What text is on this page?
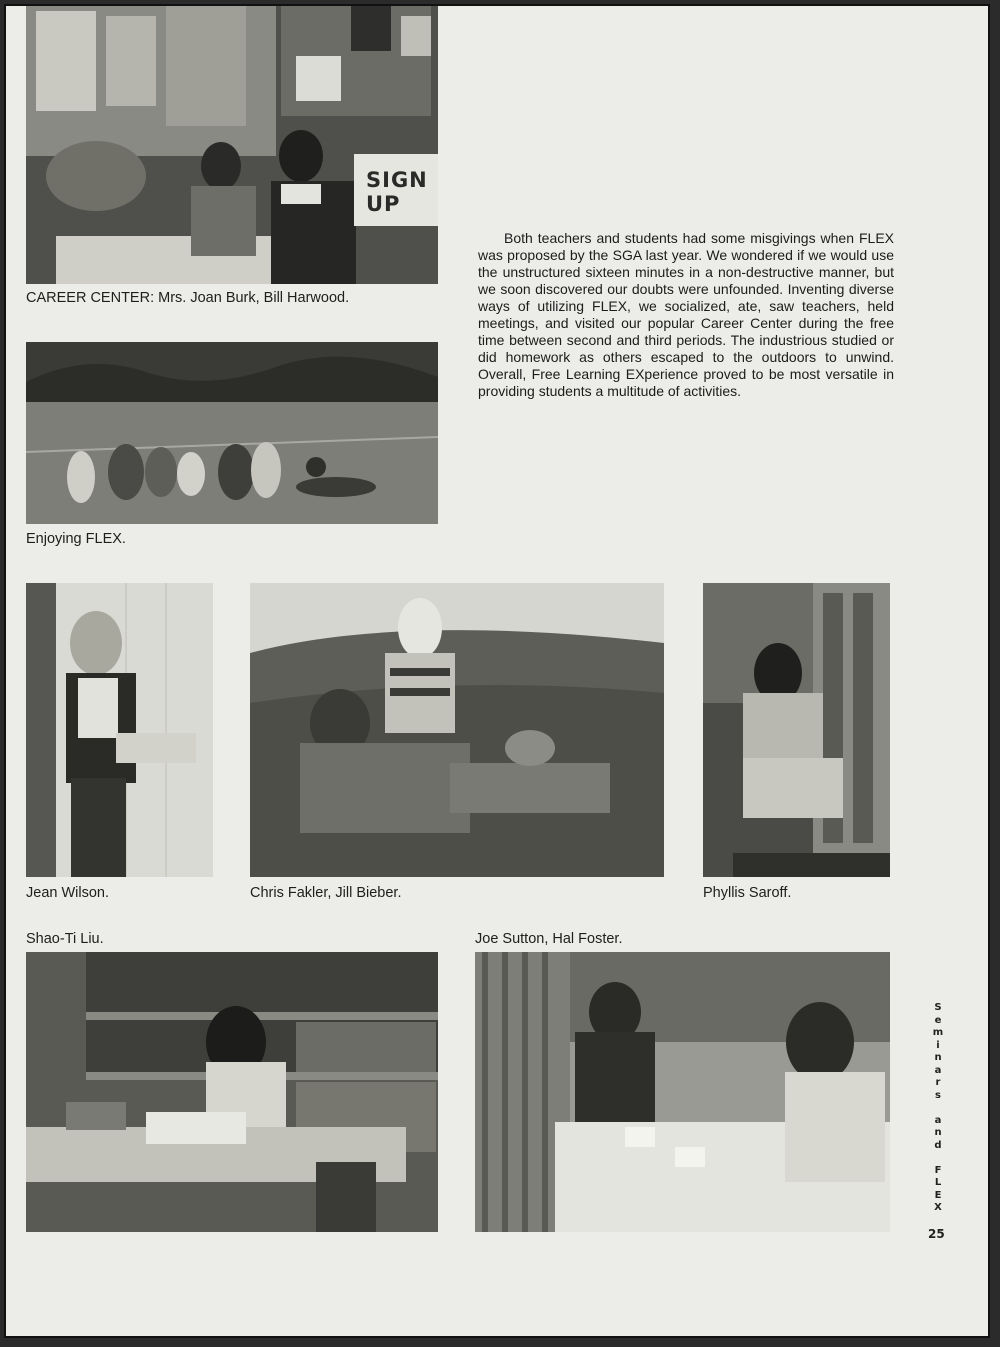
SIGN UP
CAREER CENTER: Mrs. Joan Burk, Bill Harwood.
Enjoying FLEX.

Both teachers and students had some misgivings when FLEX was proposed by the SGA last year. We wondered if we would use the unstructured sixteen minutes in a non-destructive manner, but we soon discovered our doubts were unfounded. Inventing diverse ways of utilizing FLEX, we socialized, ate, saw teachers, held meetings, and visited our popular Career Center during the free time between second and third periods. The industrious studied or did homework as others escaped to the outdoors to unwind. Overall, Free Learning EXperience proved to be most versatile in providing students a multitude of activities.

Jean Wilson.	Chris Fakler, Jill Bieber.	Phyllis Saroff.
Shao-Ti Liu.	Joe Sutton, Hal Foster.
S
e
m
i
n
a
r
s

a
n
d

F
L
E
X
25
